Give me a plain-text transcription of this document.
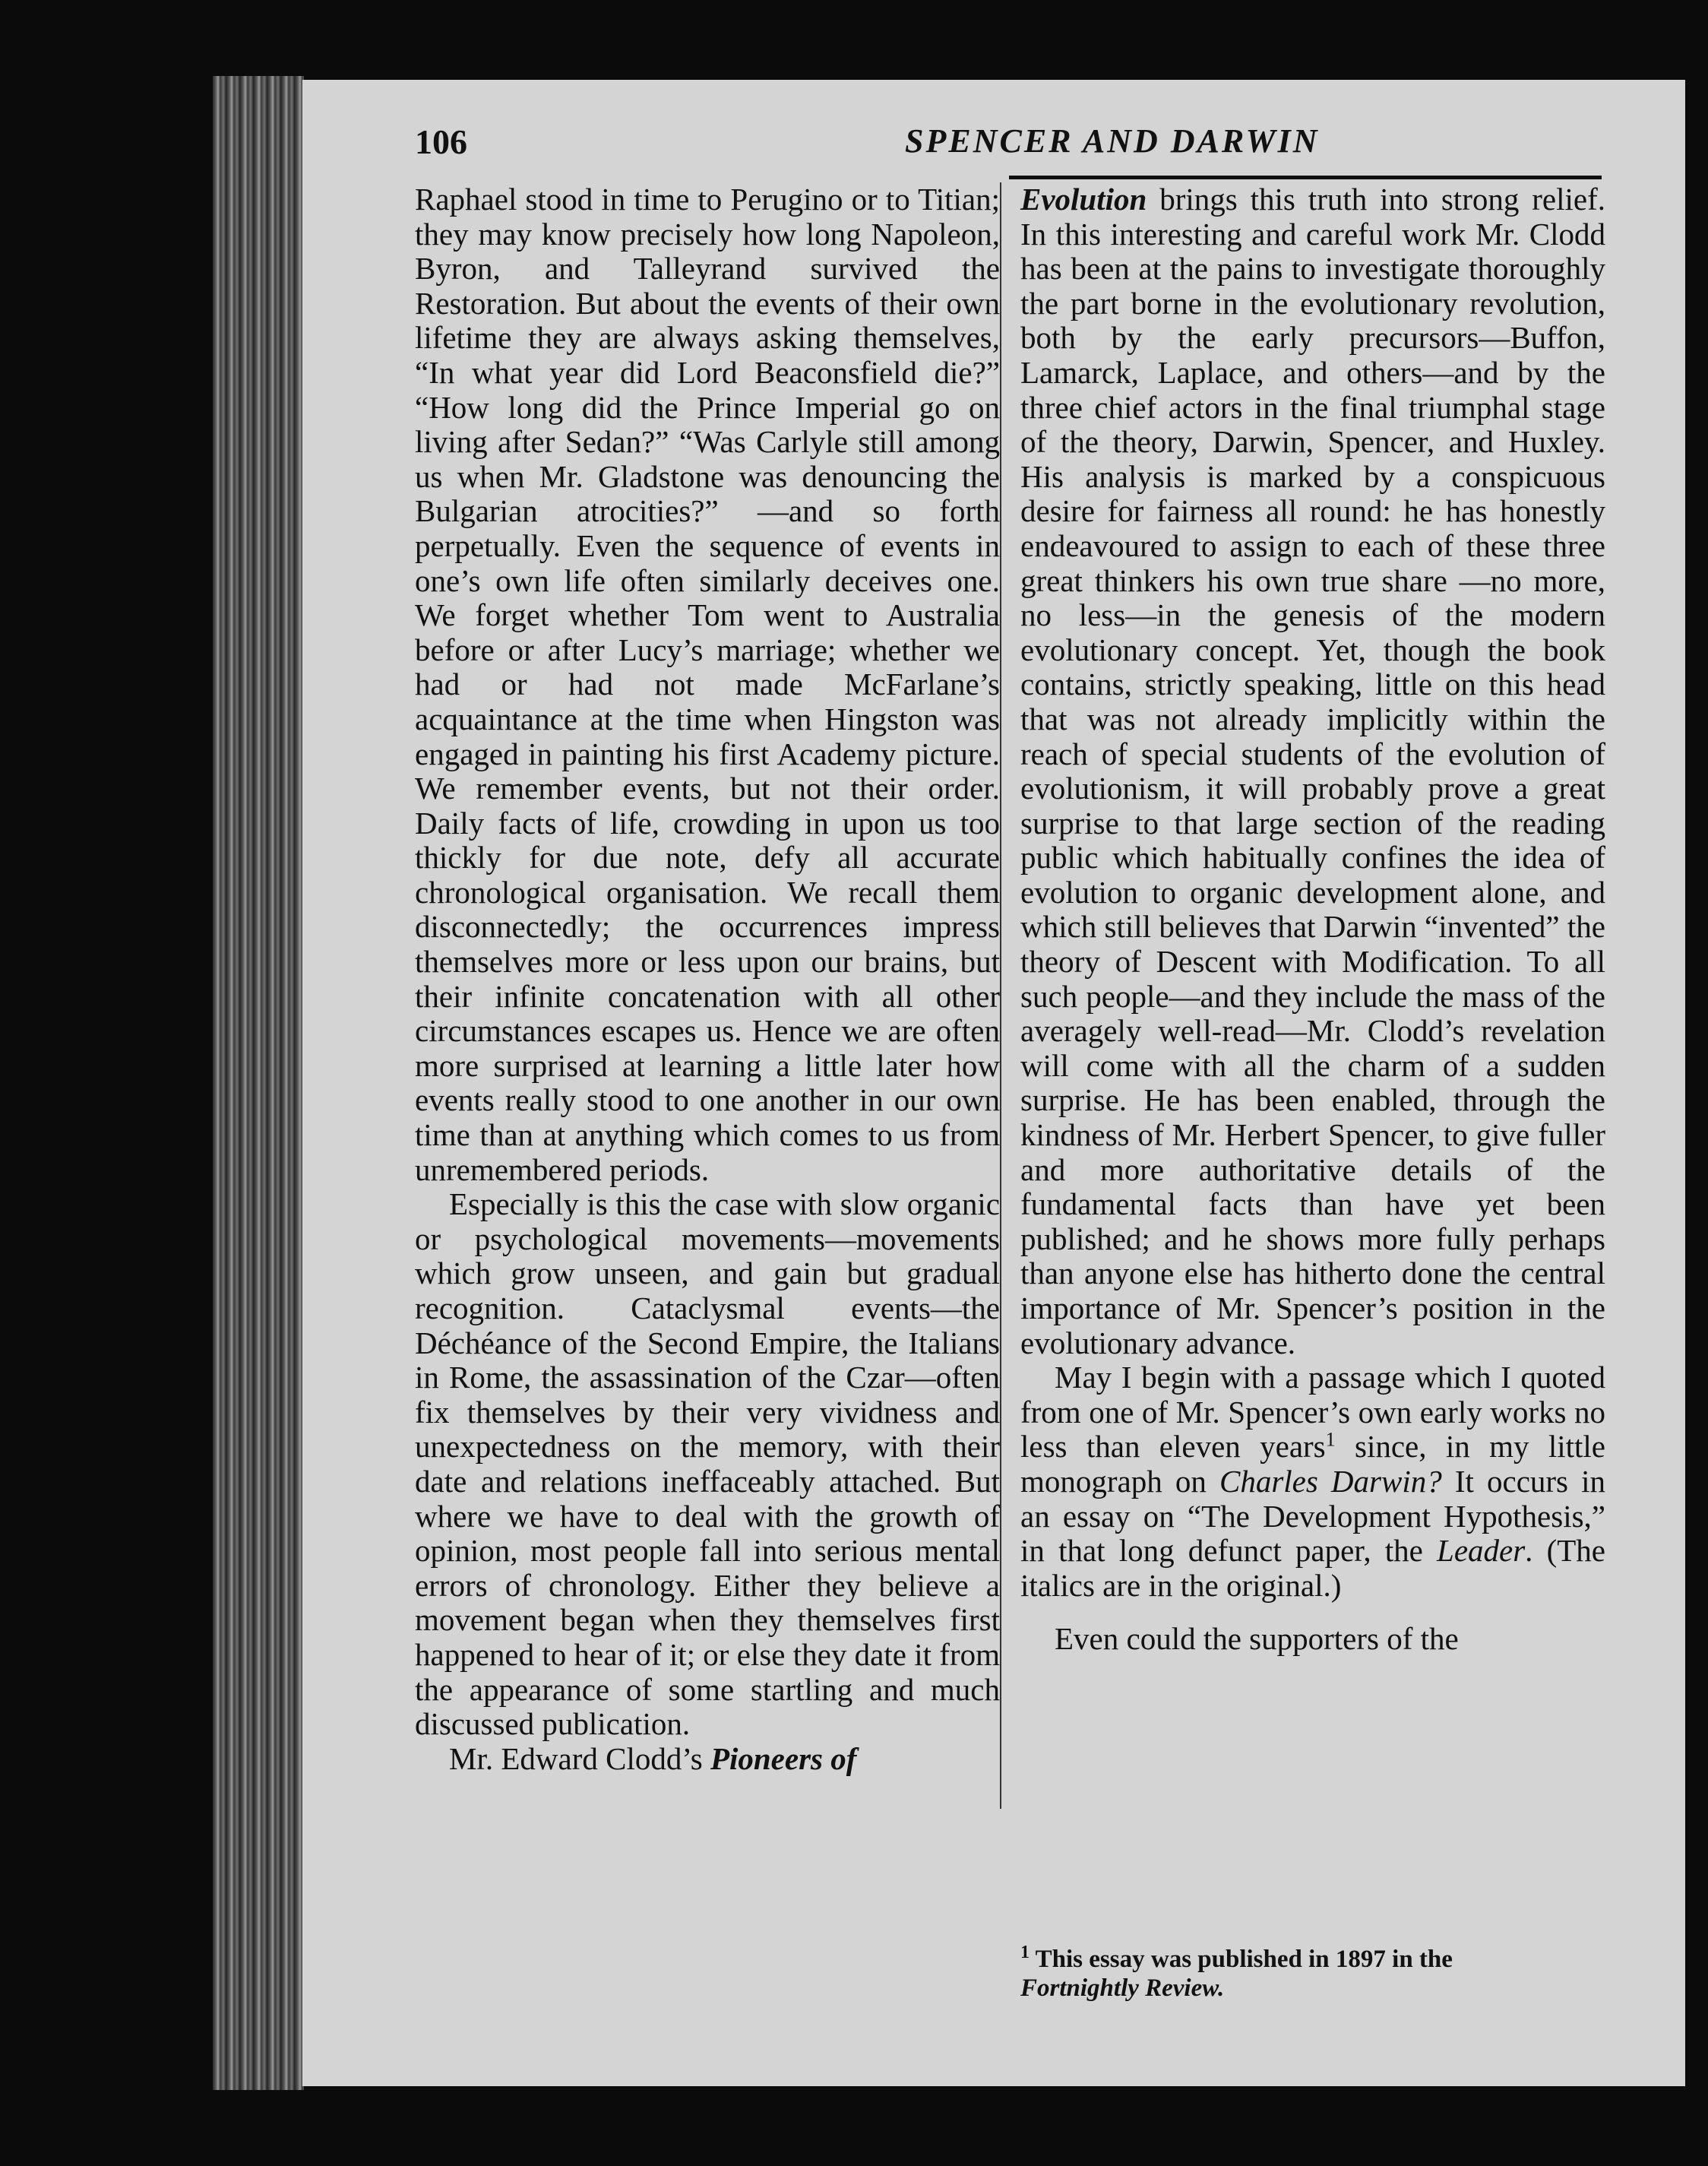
106	SPENCER AND DARWIN

Raphael stood in time to Perugino or to Titian; they may know precisely how long Napoleon, Byron, and Talleyrand survived the Restoration. But about the events of their own lifetime they are always asking themselves, “In what year did Lord Beaconsfield die?” “How long did the Prince Imperial go on living after Sedan?” “Was Carlyle still among us when Mr. Gladstone was denouncing the Bulgarian atrocities?” —and so forth perpetually. Even the sequence of events in one’s own life often similarly deceives one. We forget whether Tom went to Australia before or after Lucy’s marriage; whether we had or had not made McFarlane’s acquaintance at the time when Hingston was engaged in painting his first Academy picture. We remember events, but not their order. Daily facts of life, crowding in upon us too thickly for due note, defy all accurate chronological organisation. We recall them disconnectedly; the occurrences impress themselves more or less upon our brains, but their infinite concatenation with all other circumstances escapes us. Hence we are often more surprised at learning a little later how events really stood to one another in our own time than at anything which comes to us from unremembered periods.

Especially is this the case with slow organic or psychological movements—movements which grow unseen, and gain but gradual recognition. Cataclysmal events—the Déchéance of the Second Empire, the Italians in Rome, the assassination of the Czar—often fix themselves by their very vividness and unexpectedness on the memory, with their date and relations ineffaceably attached. But where we have to deal with the growth of opinion, most people fall into serious mental errors of chronology. Either they believe a movement began when they themselves first happened to hear of it; or else they date it from the appearance of some startling and much discussed publication.

Mr. Edward Clodd’s Pioneers of

Evolution brings this truth into strong relief. In this interesting and careful work Mr. Clodd has been at the pains to investigate thoroughly the part borne in the evolutionary revolution, both by the early precursors—Buffon, Lamarck, Laplace, and others—and by the three chief actors in the final triumphal stage of the theory, Darwin, Spencer, and Huxley. His analysis is marked by a conspicuous desire for fairness all round: he has honestly endeavoured to assign to each of these three great thinkers his own true share —no more, no less—in the genesis of the modern evolutionary concept. Yet, though the book contains, strictly speaking, little on this head that was not already implicitly within the reach of special students of the evolution of evolutionism, it will probably prove a great surprise to that large section of the reading public which habitually confines the idea of evolution to organic development alone, and which still believes that Darwin “invented” the theory of Descent with Modification. To all such people—and they include the mass of the averagely well-read—Mr. Clodd’s revelation will come with all the charm of a sudden surprise. He has been enabled, through the kindness of Mr. Herbert Spencer, to give fuller and more authoritative details of the fundamental facts than have yet been published; and he shows more fully perhaps than anyone else has hitherto done the central importance of Mr. Spencer’s position in the evolutionary advance.

May I begin with a passage which I quoted from one of Mr. Spencer’s own early works no less than eleven years$^1$ since, in my little monograph on Charles Darwin? It occurs in an essay on “The Development Hypothesis,” in that long defunct paper, the Leader. (The italics are in the original.)

Even could the supporters of the

$^1$ This essay was published in 1897 in the
Fortnightly Review.
